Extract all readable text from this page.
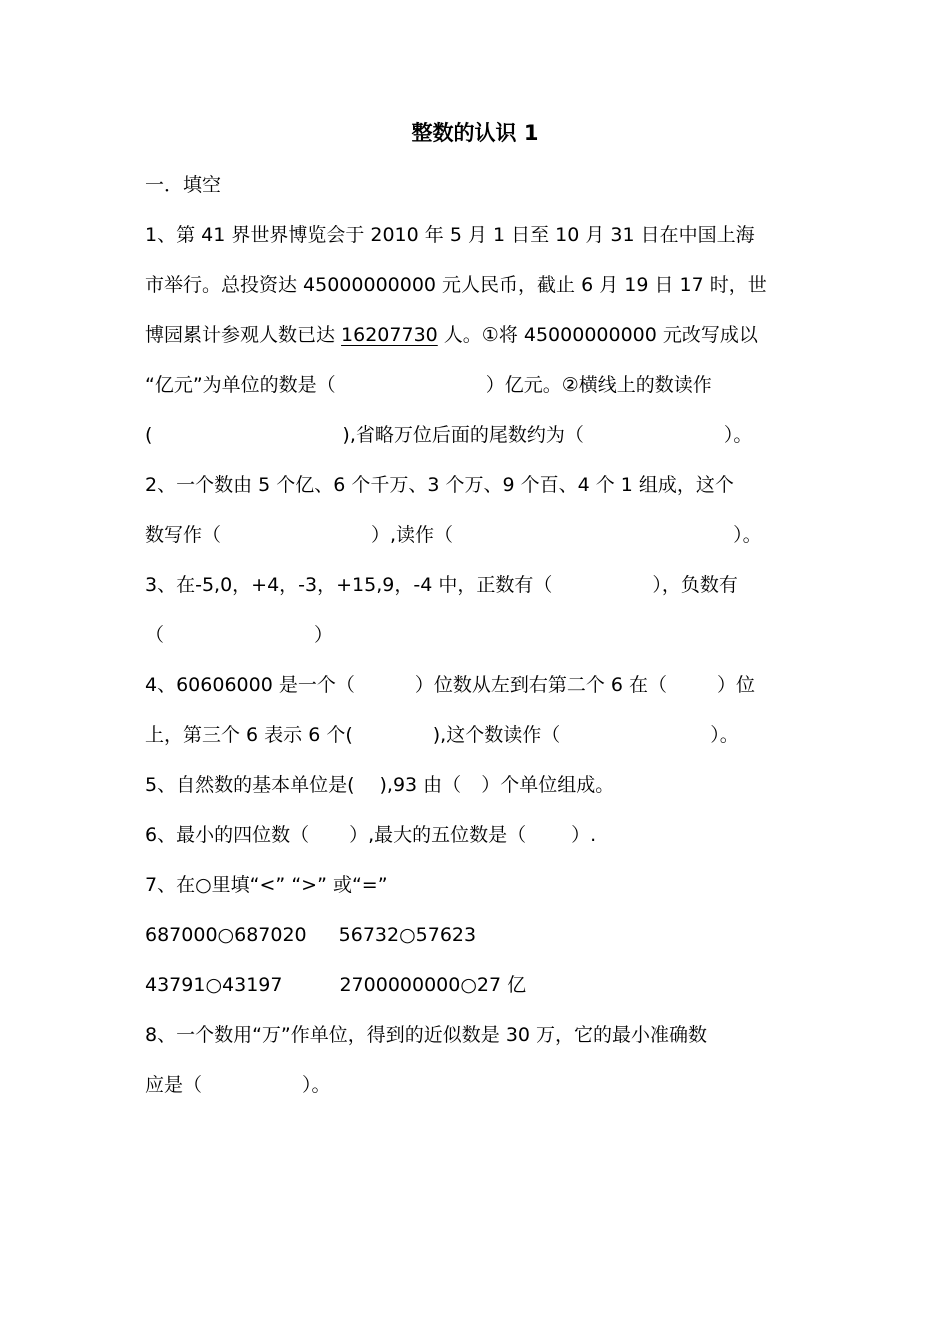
整数的认识 1
一．填空
1、第 41 界世界博览会于 2010 年 5 月 1 日至 10 月 31 日在中国上海
市举行。总投资达 45000000000 元人民币，截止 6 月 19 日 17 时，世
博园累计参观人数已达 16207730 人。①将 45000000000 元改写成以
“亿元”为单位的数是（	）亿元。②横线上的数读作
(	),省略万位后面的尾数约为（	）。
2、一个数由 5 个亿、6 个千万、3 个万、9 个百、4 个 1 组成，这个
数写作（	）,读作（	）。
3、在-5,0，+4，-3，+15,9，-4 中，正数有（	），负数有
（	）
4、60606000 是一个（	）位数从左到右第二个 6 在（	）位
上，第三个 6 表示 6 个(	),这个数读作（	）。
5、自然数的基本单位是( ),93 由（ ）个单位组成。
6、最小的四位数（ ）,最大的五位数是（ ）.
7、在○里填“<” “>” 或“=”
687000○687020 56732○57623
43791○43197	2700000000○27 亿
8、一个数用“万”作单位，得到的近似数是 30 万，它的最小准确数
应是（	）。
